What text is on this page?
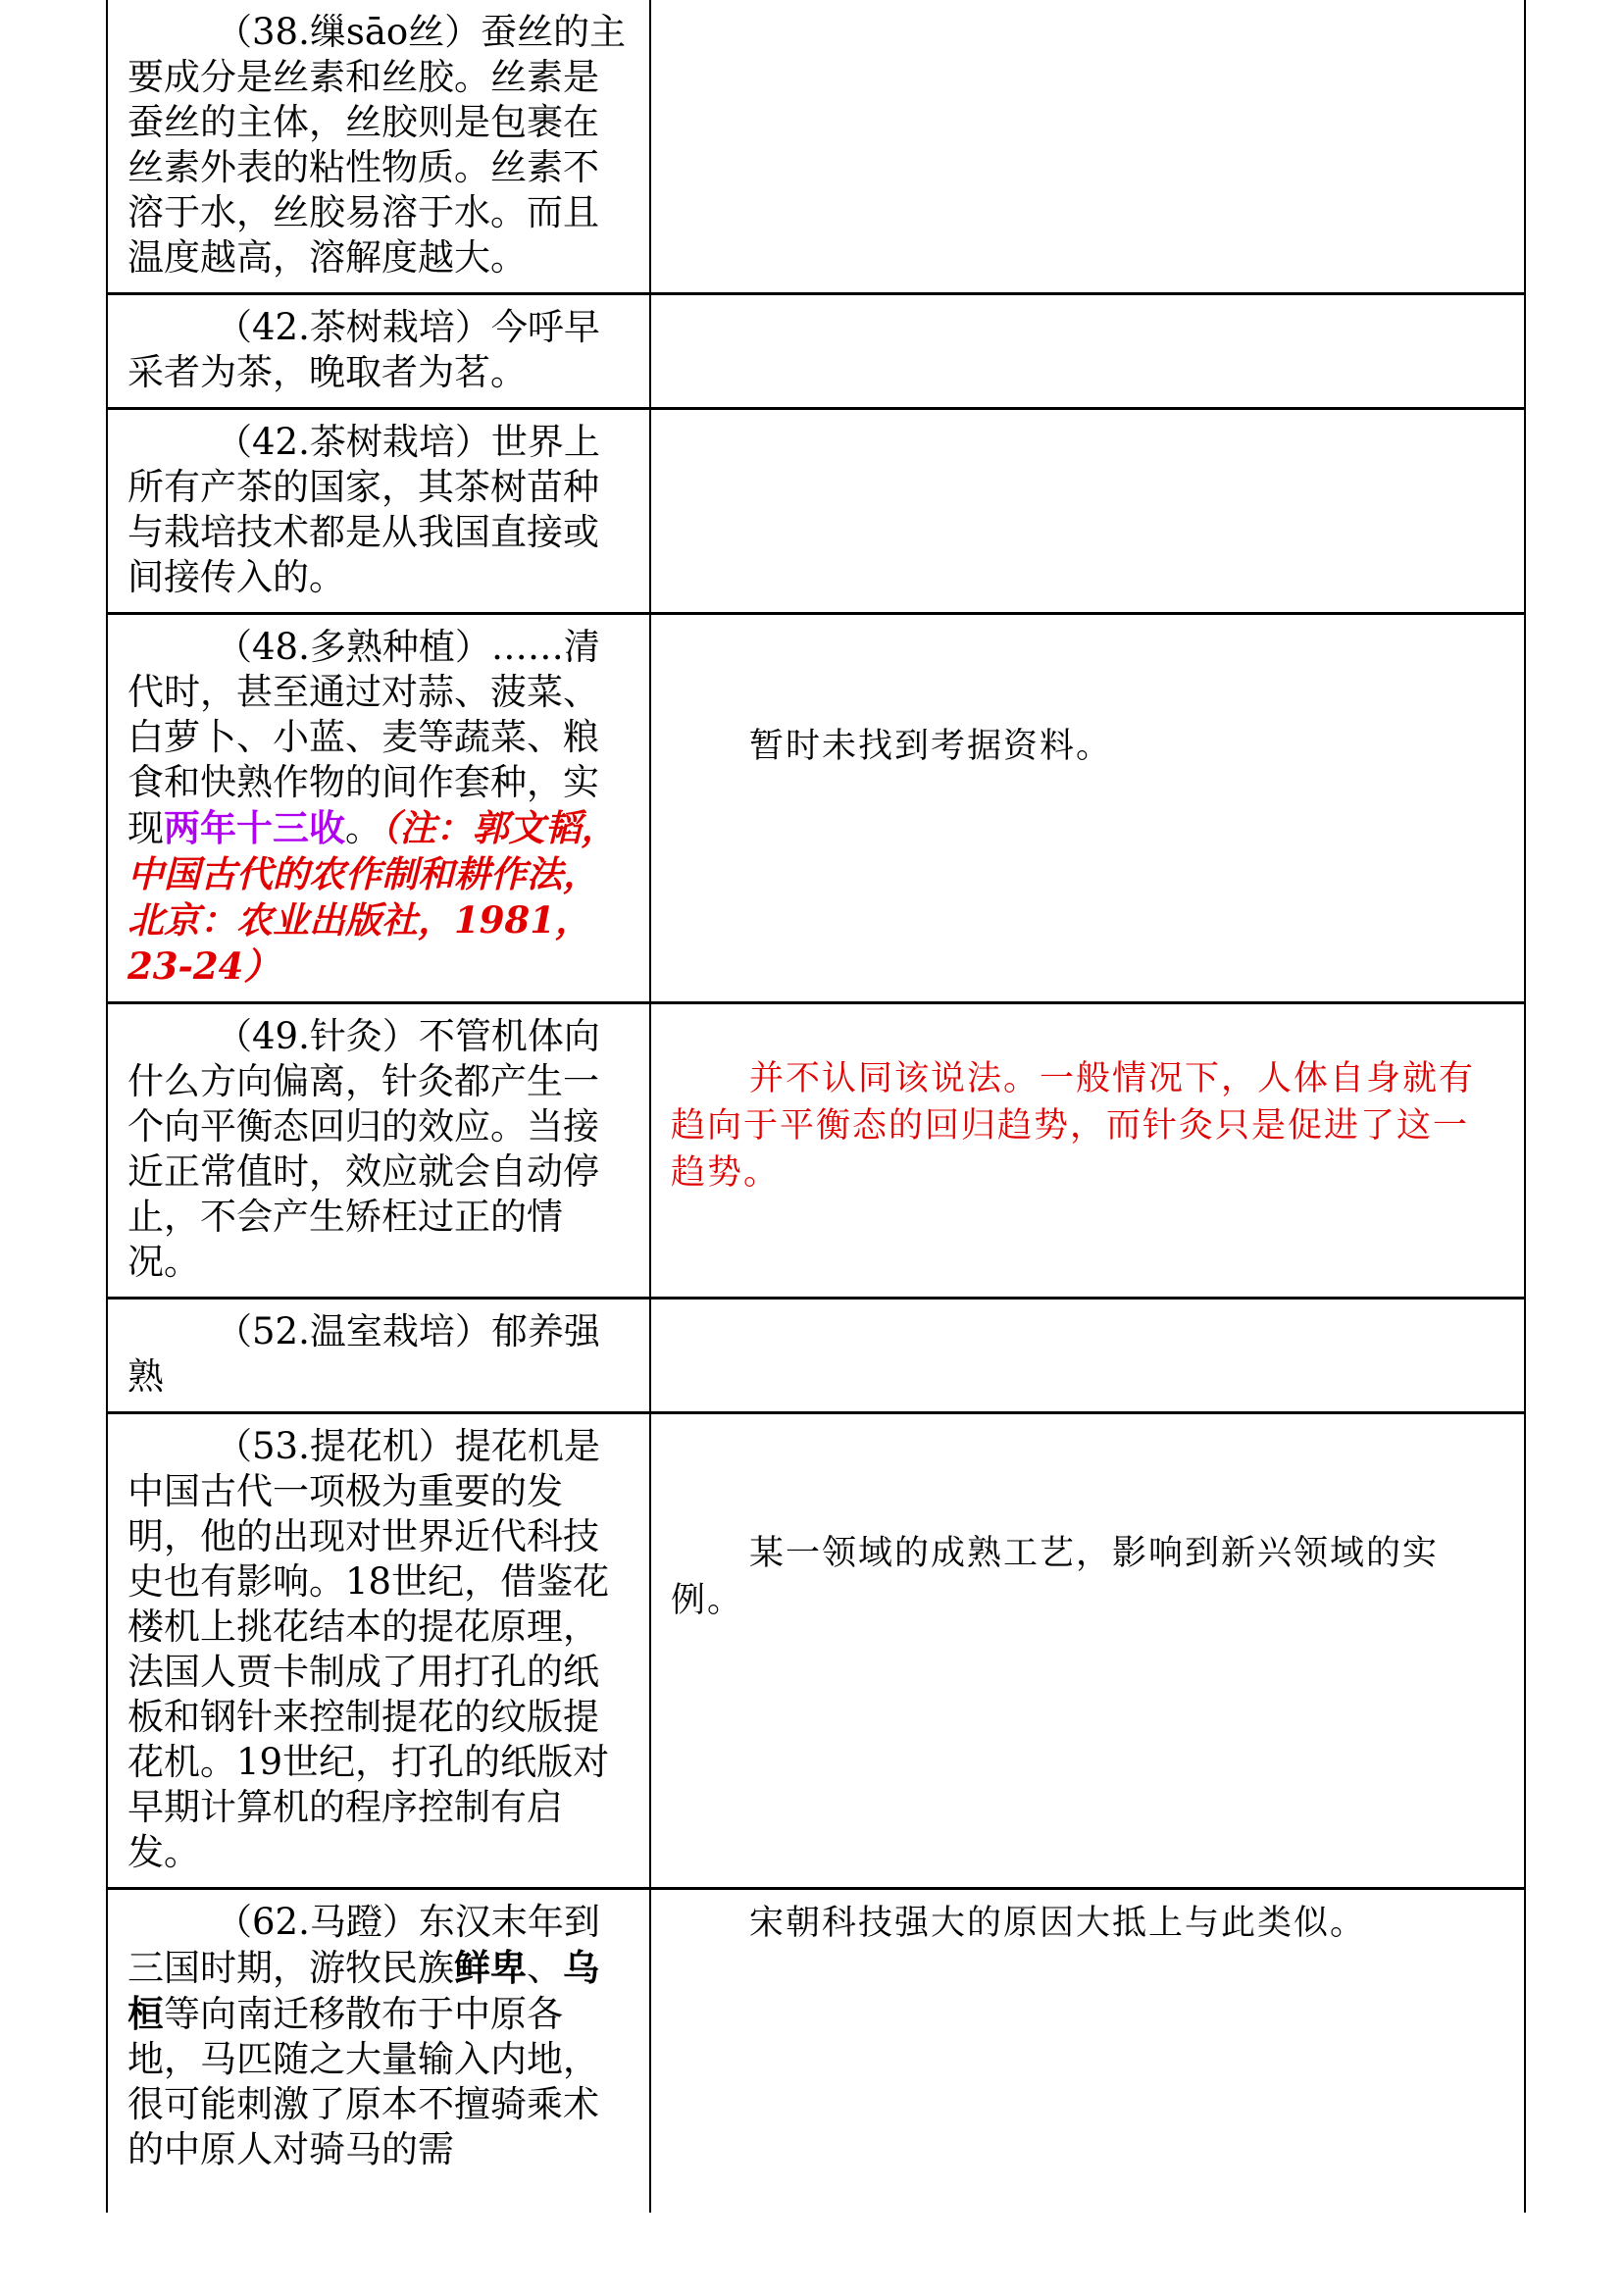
（38.缫sāo丝）蚕丝的主要成分是丝素和丝胶。丝素是蚕丝的主体，丝胶则是包裹在丝素外表的粘性物质。丝素不溶于水，丝胶易溶于水。而且温度越高，溶解度越大。	

（42.茶树栽培）今呼早采者为茶，晚取者为茗。	

（42.茶树栽培）世界上所有产茶的国家，其茶树苗种与栽培技术都是从我国直接或间接传入的。	

（48.多熟种植）……清代时，甚至通过对蒜、菠菜、白萝卜、小蓝、麦等蔬菜、粮食和快熟作物的间作套种，实现两年十三收。（注：郭文韬，中国古代的农作制和耕作法，北京：农业出版社，1981，23-24）	暂时未找到考据资料。

（49.针灸）不管机体向什么方向偏离，针灸都产生一个向平衡态回归的效应。当接近正常值时，效应就会自动停止，不会产生矫枉过正的情况。	并不认同该说法。一般情况下，人体自身就有趋向于平衡态的回归趋势，而针灸只是促进了这一趋势。

（52.温室栽培）郁养强熟	

（53.提花机）提花机是中国古代一项极为重要的发明，他的出现对世界近代科技史也有影响。18世纪，借鉴花楼机上挑花结本的提花原理，法国人贾卡制成了用打孔的纸板和钢针来控制提花的纹版提花机。19世纪，打孔的纸版对早期计算机的程序控制有启发。	某一领域的成熟工艺，影响到新兴领域的实例。

（62.马蹬）东汉末年到三国时期，游牧民族鲜卑、乌桓等向南迁移散布于中原各地，马匹随之大量输入内地，很可能刺激了原本不擅骑乘术的中原人对骑马的需	宋朝科技强大的原因大抵上与此类似。
